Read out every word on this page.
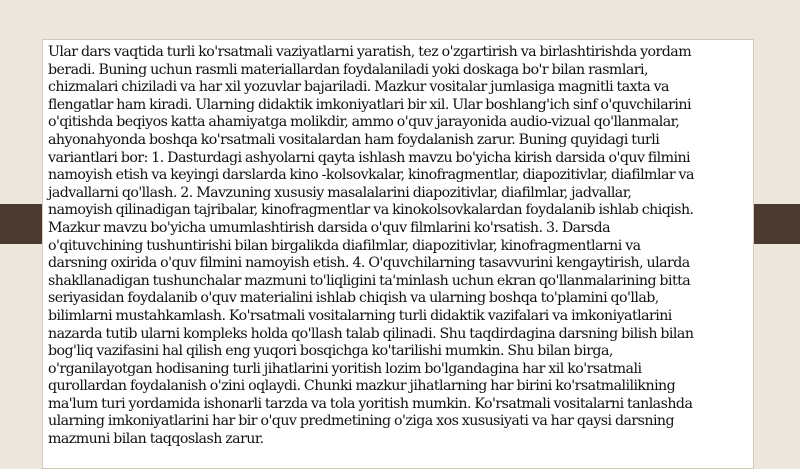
Ular dars vaqtida turli ko'rsatmali vaziyatlarni yaratish, tez o'zgartirish va birlashtirishda yordam
beradi. Buning uchun rasmli materiallardan foydalaniladi yoki doskaga bo'r bilan rasmlari,
chizmalari chiziladi va har xil yozuvlar bajariladi. Mazkur vositalar jumlasiga magnitli taxta va
flengatlar ham kiradi. Ularning didaktik imkoniyatlari bir xil. Ular boshlang'ich sinf o'quvchilarini
o'qitishda beqiyos katta ahamiyatga molikdir, ammo o'quv jarayonida audio-vizual qo'llanmalar,
ahyonahyonda boshqa ko'rsatmali vositalardan ham foydalanish zarur. Buning quyidagi turli
variantlari bor: 1. Dasturdagi ashyolarni qayta ishlash mavzu bo'yicha kirish darsida o'quv filmini
namoyish etish va keyingi darslarda kino -kolsovkalar, kinofragmentlar, diapozitivlar, diafilmlar va
jadvallarni qo'llash. 2. Mavzuning xususiy masalalarini diapozitivlar, diafilmlar, jadvallar,
namoyish qilinadigan tajribalar, kinofragmentlar va kinokolsovkalardan foydalanib ishlab chiqish.
Mazkur mavzu bo'yicha umumlashtirish darsida o'quv filmlarini ko'rsatish. 3. Darsda
o'qituvchining tushuntirishi bilan birgalikda diafilmlar, diapozitivlar, kinofragmentlarni va
darsning oxirida o'quv filmini namoyish etish. 4. O'quvchilarning tasavvurini kengaytirish, ularda
shakllanadigan tushunchalar mazmuni to'liqligini ta'minlash uchun ekran qo'llanmalarining bitta
seriyasidan foydalanib o'quv materialini ishlab chiqish va ularning boshqa to'plamini qo'llab,
bilimlarni mustahkamlash. Ko'rsatmali vositalarning turli didaktik vazifalari va imkoniyatlarini
nazarda tutib ularni kompleks holda qo'llash talab qilinadi. Shu taqdirdagina darsning bilish bilan
bog'liq vazifasini hal qilish eng yuqori bosqichga ko'tarilishi mumkin. Shu bilan birga,
o'rganilayotgan hodisaning turli jihatlarini yoritish lozim bo'lgandagina har xil ko'rsatmali
qurollardan foydalanish o'zini oqlaydi. Chunki mazkur jihatlarning har birini ko'rsatmalilikning
ma'lum turi yordamida ishonarli tarzda va tola yoritish mumkin. Ko'rsatmali vositalarni tanlashda
ularning imkoniyatlarini har bir o'quv predmetining o'ziga xos xususiyati va har qaysi darsning
mazmuni bilan taqqoslash zarur.
